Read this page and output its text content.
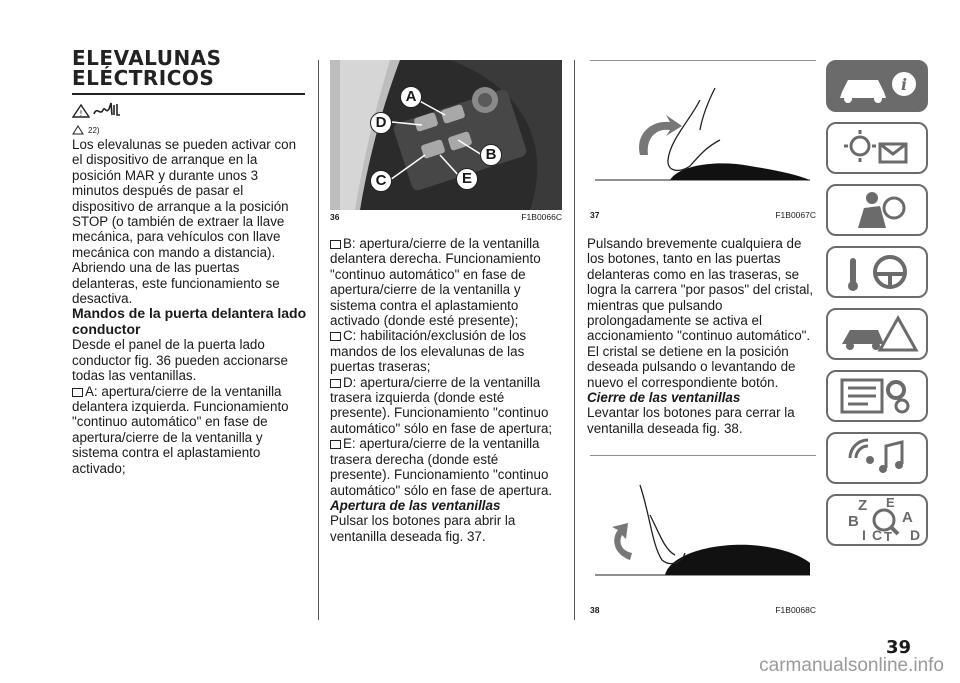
ELEVALUNAS
ELÉCTRICOS
!
22)

Los elevalunas se pueden activar con el dispositivo de arranque en la posición MAR y durante unos 3 minutos después de pasar el dispositivo de arranque a la posición STOP (o también de extraer la llave mecánica, para vehículos con llave mecánica con mando a distancia).

Abriendo una de las puertas delanteras, este funcionamiento se desactiva.

Mandos de la puerta delantera lado conductor

Desde el panel de la puerta lado conductor fig. 36 pueden accionarse todas las ventanillas.

A: apertura/cierre de la ventanilla delantera izquierda. Funcionamiento "continuo automático" en fase de apertura/cierre de la ventanilla y sistema contra el aplastamiento activado;

A
D
B
C	E
36	F1B0066C

B: apertura/cierre de la ventanilla delantera derecha. Funcionamiento "continuo automático" en fase de apertura/cierre de la ventanilla y sistema contra el aplastamiento activado (donde esté presente);

C: habilitación/exclusión de los mandos de los elevalunas de las puertas traseras;

D: apertura/cierre de la ventanilla trasera izquierda (donde esté presente). Funcionamiento "continuo automático" sólo en fase de apertura;

E: apertura/cierre de la ventanilla trasera derecha (donde esté presente). Funcionamiento "continuo automático" sólo en fase de apertura.

Apertura de las ventanillas

Pulsar los botones para abrir la ventanilla deseada fig. 37.

37	F1B0067C

Pulsando brevemente cualquiera de los botones, tanto en las puertas delanteras como en las traseras, se logra la carrera "por pasos" del cristal, mientras que pulsando prolongadamente se activa el accionamiento "continuo automático".

El cristal se detiene en la posición deseada pulsando o levantando de nuevo el correspondiente botón.

Cierre de las ventanillas

Levantar los botones para cerrar la ventanilla deseada fig. 38.

38	F1B0068C
i
Z E
B	A
I C T D
39
carmanualsonline.info
